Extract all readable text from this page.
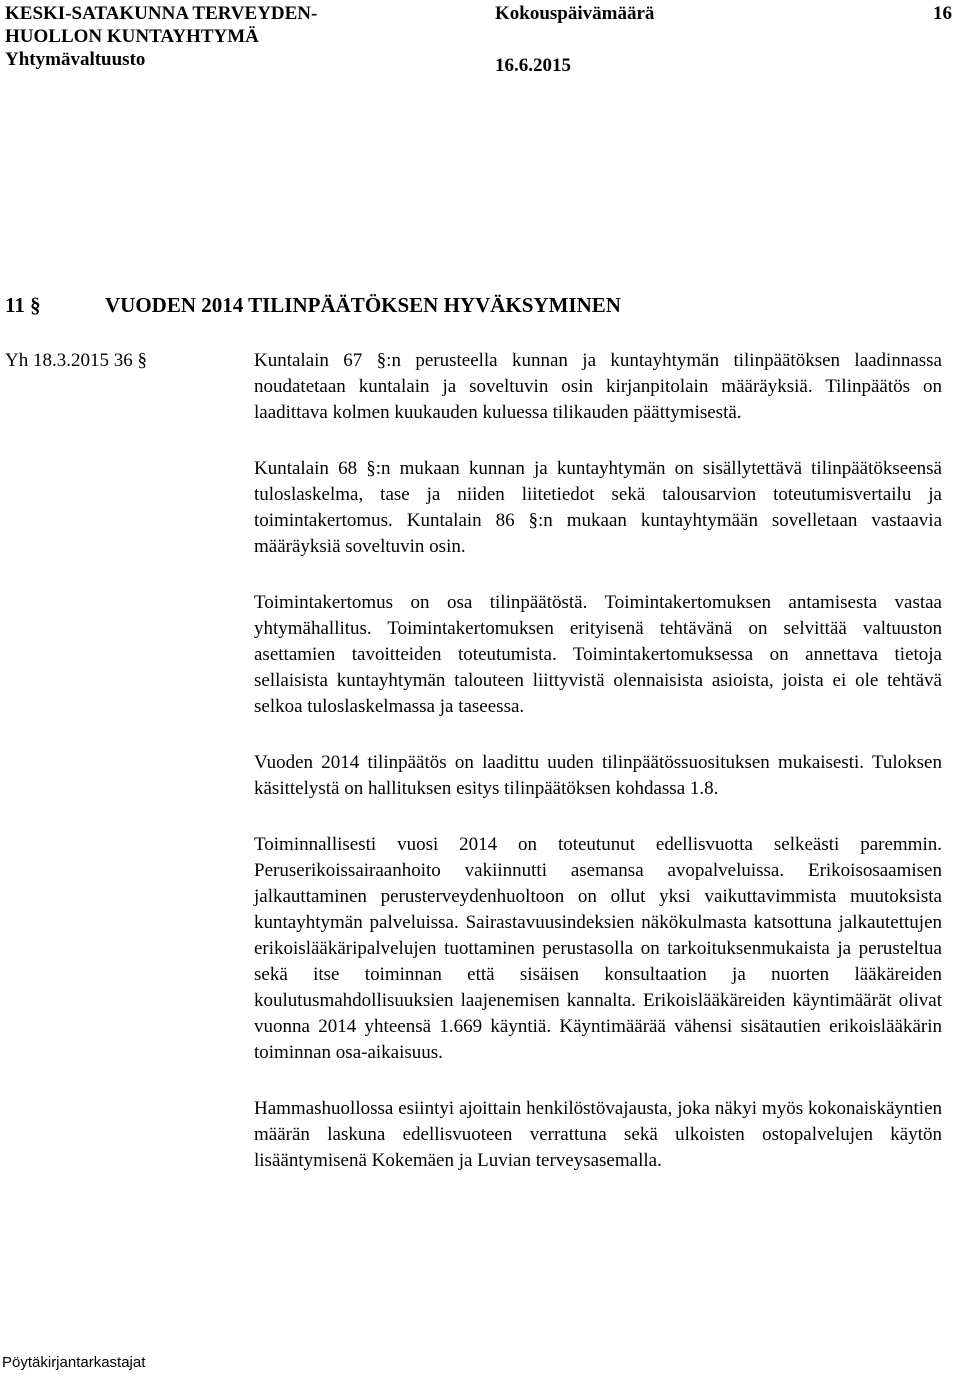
KESKI-SATAKUNNA TERVEYDEN-
HUOLLON KUNTAYHTYMÄ
Yhtymävaltuusto
Kokouspäivämäärä
16.6.2015
16
11 §	VUODEN 2014 TILINPÄÄTÖKSEN HYVÄKSYMINEN
Yh 18.3.2015 36 §	Kuntalain 67 §:n perusteella kunnan ja kuntayhtymän tilinpäätöksen laadinnassa noudatetaan kuntalain ja soveltuvin osin kirjanpitolain määräyksiä. Tilinpäätös on laadittava kolmen kuukauden kuluessa tilikauden päättymisestä.

Kuntalain 68 §:n mukaan kunnan ja kuntayhtymän on sisällytettävä tilinpäätökseensä tuloslaskelma, tase ja niiden liitetiedot sekä talousarvion toteutumisvertailu ja toimintakertomus. Kuntalain 86 §:n mukaan kuntayhtymään sovelletaan vastaavia määräyksiä soveltuvin osin.

Toimintakertomus on osa tilinpäätöstä. Toimintakertomuksen antamisesta vastaa yhtymähallitus. Toimintakertomuksen erityisenä tehtävänä on selvittää valtuuston asettamien tavoitteiden toteutumista. Toimintakertomuksessa on annettava tietoja sellaisista kuntayhtymän talouteen liittyvistä olennaisista asioista, joista ei ole tehtävä selkoa tuloslaskelmassa ja taseessa.

Vuoden 2014 tilinpäätös on laadittu uuden tilinpäätössuosituksen mukaisesti. Tuloksen käsittelystä on hallituksen esitys tilinpäätöksen kohdassa 1.8.

Toiminnallisesti vuosi 2014 on toteutunut edellisvuotta selkeästi paremmin. Peruserikoissairaanhoito vakiinnutti asemansa avopalveluissa. Erikoisosaamisen jalkauttaminen perusterveydenhuoltoon on ollut yksi vaikuttavimmista muutoksista kuntayhtymän palveluissa. Sairastavuusindeksien näkökulmasta katsottuna jalkautettujen erikoislääkäripalvelujen tuottaminen perustasolla on tarkoituksenmukaista ja perusteltua sekä itse toiminnan että sisäisen konsultaation ja nuorten lääkäreiden koulutusmahdollisuuksien laajenemisen kannalta. Erikoislääkäreiden käyntimäärät olivat vuonna 2014 yhteensä 1.669 käyntiä. Käyntimäärää vähensi sisätautien erikoislääkärin toiminnan osa-aikaisuus.

Hammashuollossa esiintyi ajoittain henkilöstövajausta, joka näkyi myös kokonaiskäyntien määrän laskuna edellisvuoteen verrattuna sekä ulkoisten ostopalvelujen käytön lisääntymisenä Kokemäen ja Luvian terveysasemalla.

Pöytäkirjantarkastajat
